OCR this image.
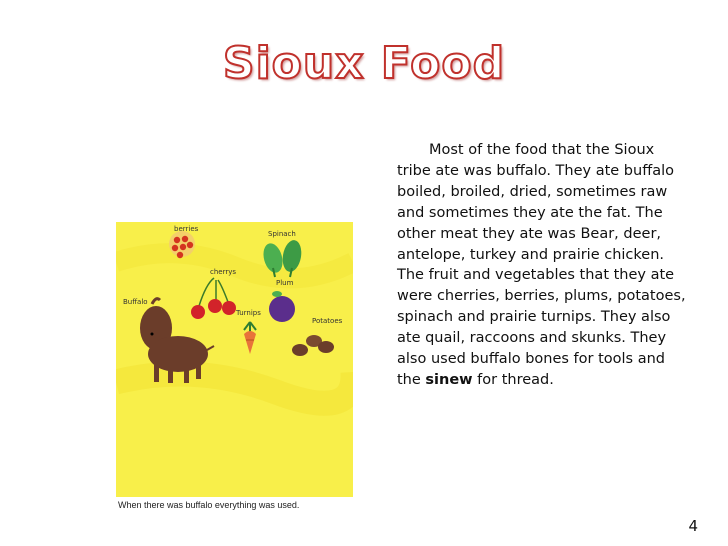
Sioux Food
berries
Spinach
cherrys
Plum
Buffalo
Turnips
Potatoes
When there was buffalo everything was used.

Most of the food that the Sioux tribe ate was buffalo. They ate buffalo boiled, broiled, dried, sometimes raw and sometimes they ate the fat. The other meat they ate was Bear, deer, antelope, turkey and prairie chicken. The fruit and vegetables that they ate were cherries, berries, plums, potatoes, spinach and prairie turnips. They also ate quail, raccoons and skunks. They also used buffalo bones for tools and the sinew for thread.

4
